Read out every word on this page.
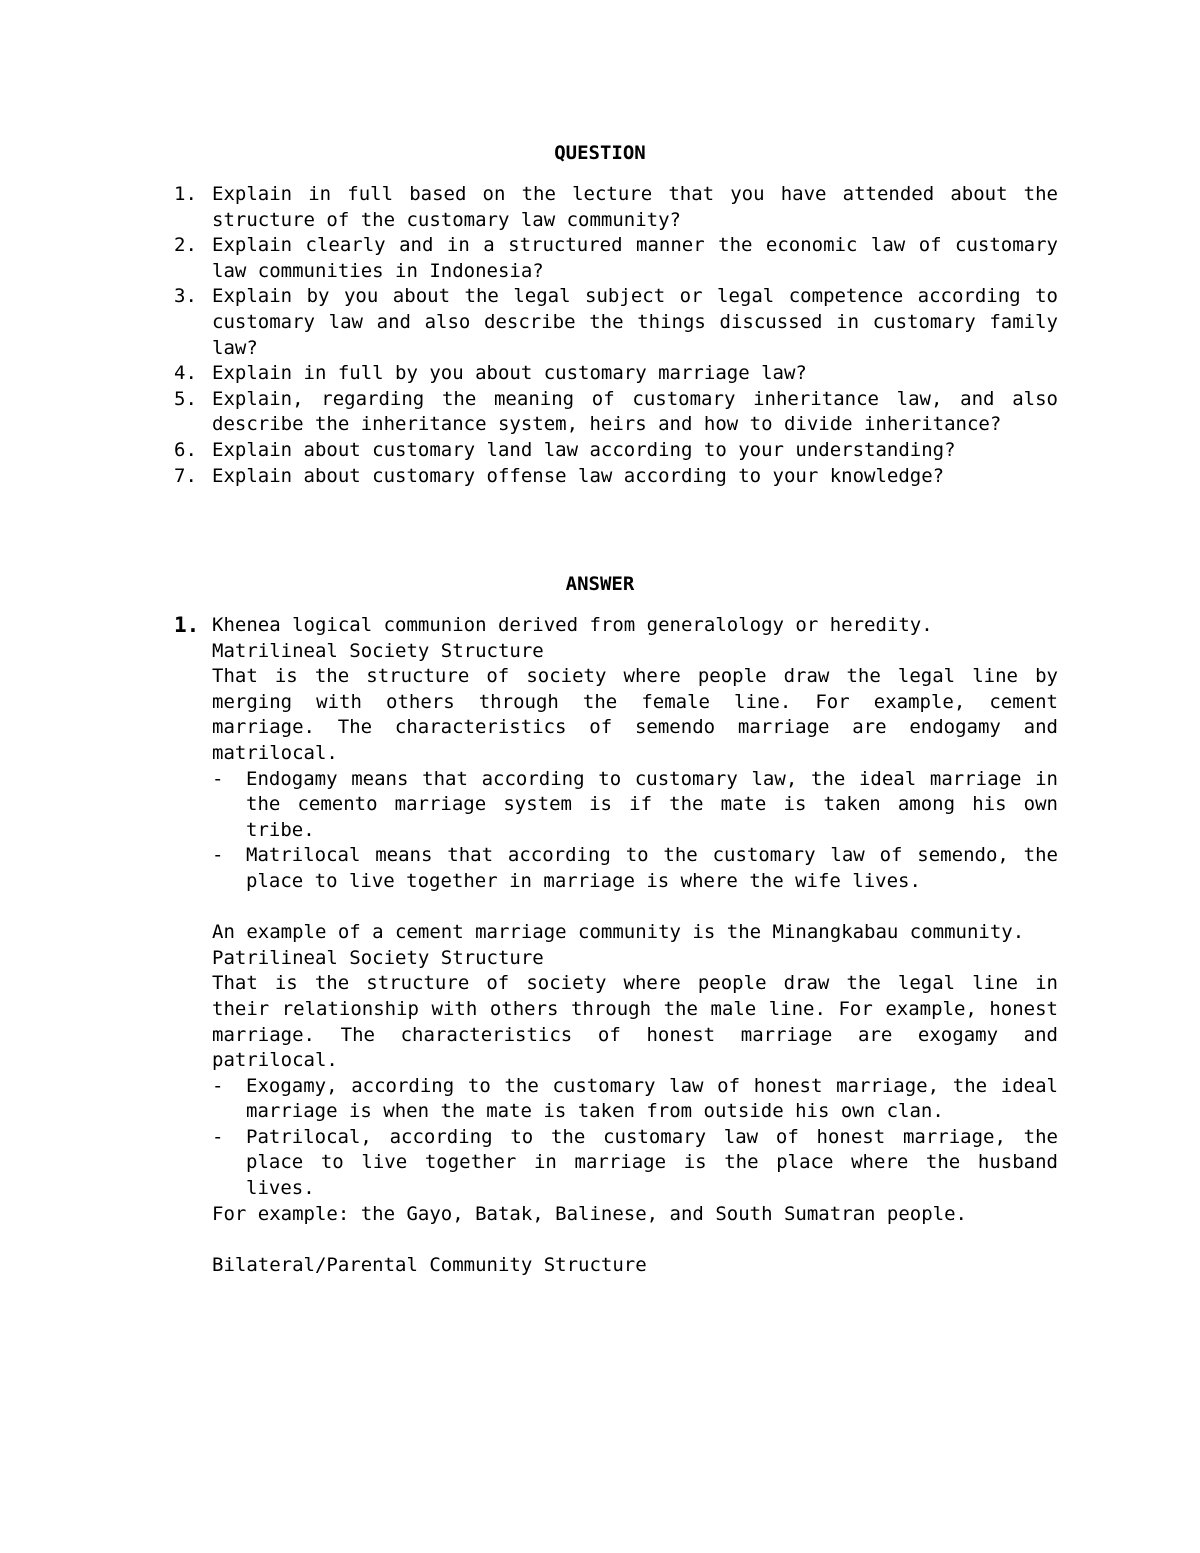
QUESTION
1. Explain in full based on the lecture that you have attended about the structure of the customary law community?
2. Explain clearly and in a structured manner the economic law of customary law communities in Indonesia?
3. Explain by you about the legal subject or legal competence according to customary law and also describe the things discussed in customary family law?
4. Explain in full by you about customary marriage law?
5. Explain, regarding the meaning of customary inheritance law, and also describe the inheritance system, heirs and how to divide inheritance?
6. Explain about customary land law according to your understanding?
7. Explain about customary offense law according to your knowledge?
ANSWER
1. Khenea logical communion derived from generalology or heredity.

Matrilineal Society Structure

That is the structure of society where people draw the legal line by merging with others through the female line. For example, cement marriage. The characteristics of semendo marriage are endogamy and matrilocal.

-	Endogamy means that according to customary law, the ideal marriage in the cemento marriage system is if the mate is taken among his own tribe.
-	Matrilocal means that according to the customary law of semendo, the place to live together in marriage is where the wife lives.

An example of a cement marriage community is the Minangkabau community.

Patrilineal Society Structure

That is the structure of society where people draw the legal line in their relationship with others through the male line. For example, honest marriage. The characteristics of honest marriage are exogamy and patrilocal.

-	Exogamy, according to the customary law of honest marriage, the ideal marriage is when the mate is taken from outside his own clan.
-	Patrilocal, according to the customary law of honest marriage, the place to live together in marriage is the place where the husband lives.

For example: the Gayo, Batak, Balinese, and South Sumatran people.

Bilateral/Parental Community Structure
